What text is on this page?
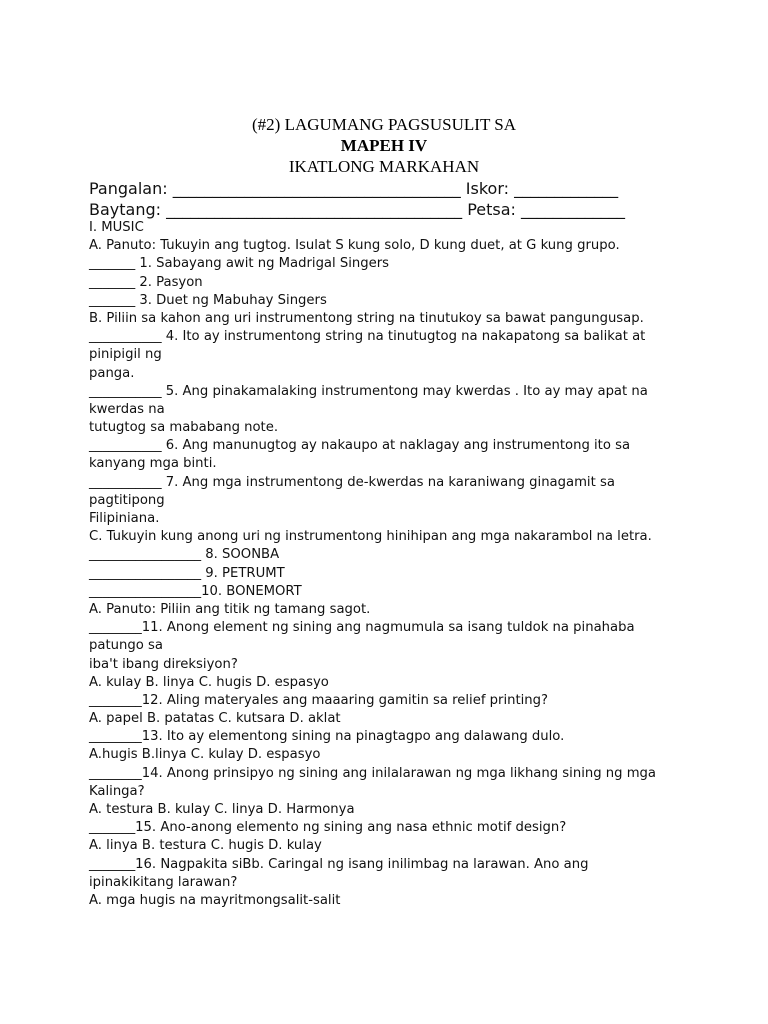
(#2) LAGUMANG PAGSUSULIT SA
MAPEH IV
IKATLONG MARKAHAN
Pangalan: ____________________________________ Iskor: _____________
Baytang: _____________________________________ Petsa: _____________
I. MUSIC
A. Panuto: Tukuyin ang tugtog. Isulat S kung solo, D kung duet, at G kung grupo.
_______ 1. Sabayang awit ng Madrigal Singers
_______ 2. Pasyon
_______ 3. Duet ng Mabuhay Singers
B. Piliin sa kahon ang uri instrumentong string na tinutukoy sa bawat pangungusap.
___________ 4. Ito ay instrumentong string na tinutugtog na nakapatong sa balikat at
pinipigil ng
panga.
___________ 5. Ang pinakamalaking instrumentong may kwerdas . Ito ay may apat na
kwerdas na
tutugtog sa mababang note.
___________ 6. Ang manunugtog ay nakaupo at naklagay ang instrumentong ito sa
kanyang mga binti.
___________ 7. Ang mga instrumentong de-kwerdas na karaniwang ginagamit sa
pagtitipong
Filipiniana.
C. Tukuyin kung anong uri ng instrumentong hinihipan ang mga nakarambol na letra.
_________________ 8. SOONBA
_________________ 9. PETRUMT
_________________10. BONEMORT
A. Panuto: Piliin ang titik ng tamang sagot.
________11. Anong element ng sining ang nagmumula sa isang tuldok na pinahaba
patungo sa
iba't ibang direksiyon?
A. kulay B. linya C. hugis D. espasyo
________12. Aling materyales ang maaaring gamitin sa relief printing?
A. papel B. patatas C. kutsara D. aklat
________13. Ito ay elementong sining na pinagtagpo ang dalawang dulo.
A.hugis B.linya C. kulay D. espasyo
________14. Anong prinsipyo ng sining ang inilalarawan ng mga likhang sining ng mga
Kalinga?
A. testura B. kulay C. linya D. Harmonya
_______15. Ano-anong elemento ng sining ang nasa ethnic motif design?
A. linya B. testura C. hugis D. kulay
_______16. Nagpakita siBb. Caringal ng isang inilimbag na larawan. Ano ang
ipinakikitang larawan?
A. mga hugis na mayritmongsalit-salit
